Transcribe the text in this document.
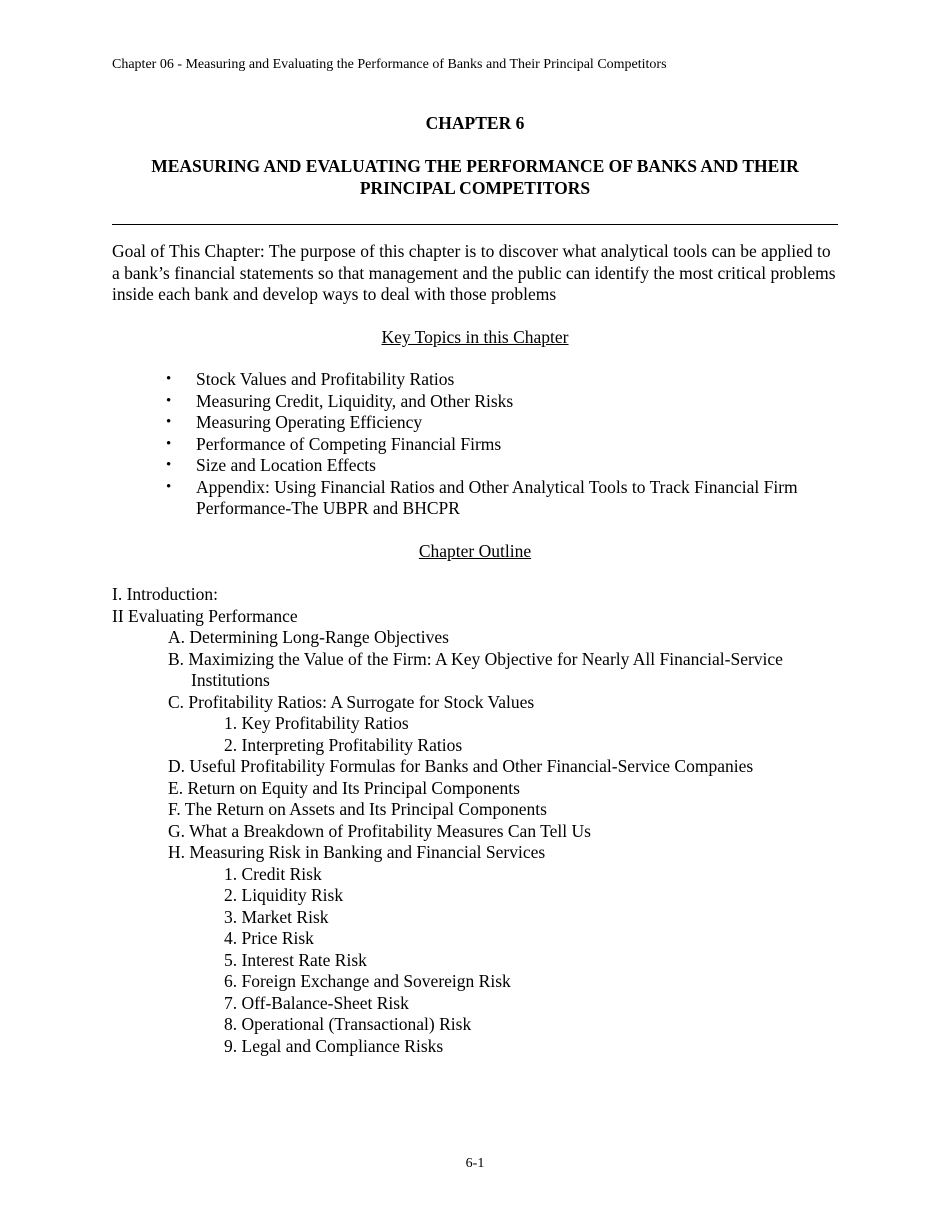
Chapter 06 - Measuring and Evaluating the Performance of Banks and Their Principal Competitors
CHAPTER 6
MEASURING AND EVALUATING THE PERFORMANCE OF BANKS AND THEIR
PRINCIPAL COMPETITORS
Goal of This Chapter: The purpose of this chapter is to discover what analytical tools can be applied to a bank’s financial statements so that management and the public can identify the most critical problems inside each bank and develop ways to deal with those problems
Key Topics in this Chapter
• Stock Values and Profitability Ratios
• Measuring Credit, Liquidity, and Other Risks
• Measuring Operating Efficiency
• Performance of Competing Financial Firms
• Size and Location Effects
• Appendix: Using Financial Ratios and Other Analytical Tools to Track Financial Firm Performance-The UBPR and BHCPR
Chapter Outline
I. Introduction:
II Evaluating Performance
A. Determining Long-Range Objectives
B. Maximizing the Value of the Firm: A Key Objective for Nearly All Financial-Service
Institutions
C. Profitability Ratios: A Surrogate for Stock Values
1. Key Profitability Ratios
2. Interpreting Profitability Ratios
D. Useful Profitability Formulas for Banks and Other Financial-Service Companies
E. Return on Equity and Its Principal Components
F. The Return on Assets and Its Principal Components
G. What a Breakdown of Profitability Measures Can Tell Us
H. Measuring Risk in Banking and Financial Services
1. Credit Risk
2. Liquidity Risk
3. Market Risk
4. Price Risk
5. Interest Rate Risk
6. Foreign Exchange and Sovereign Risk
7. Off-Balance-Sheet Risk
8. Operational (Transactional) Risk
9. Legal and Compliance Risks
6-1
